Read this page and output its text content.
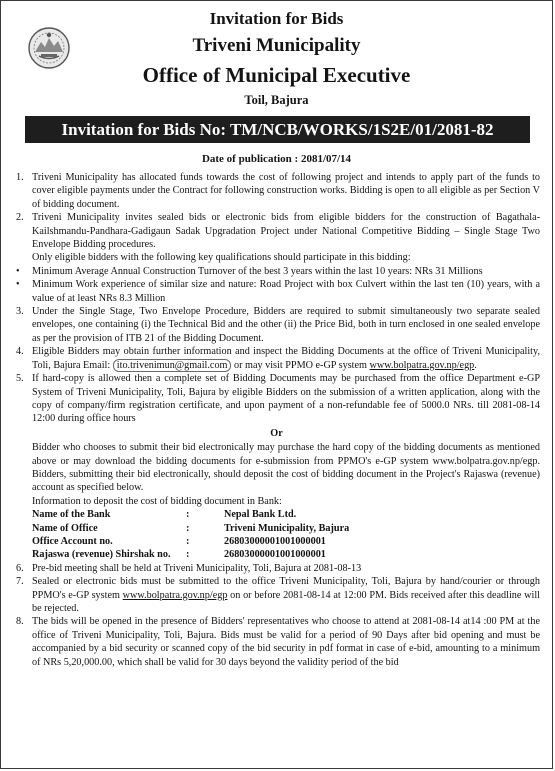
Invitation for Bids
Triveni Municipality
Office of Municipal Executive
Toil, Bajura
Invitation for Bids No: TM/NCB/WORKS/1S2E/01/2081-82
Date of publication : 2081/07/14
1. Triveni Municipality has allocated funds towards the cost of following project and intends to apply part of the funds to cover eligible payments under the Contract for following construction works. Bidding is open to all eligible as per Section V of bidding document.
2. Triveni Municipality invites sealed bids or electronic bids from eligible bidders for the construction of Bagathala-Kailshmandu-Pandhara-Gadigaun Sadak Upgradation Project under National Competitive Bidding – Single Stage Two Envelope Bidding procedures.
Only eligible bidders with the following key qualifications should participate in this bidding:
• Minimum Average Annual Construction Turnover of the best 3 years within the last 10 years: NRs 31 Millions
• Minimum Work experience of similar size and nature: Road Project with box Culvert within the last ten (10) years, with a value of at least NRs 8.3 Million
3. Under the Single Stage, Two Envelope Procedure, Bidders are required to submit simultaneously two separate sealed envelopes, one containing (i) the Technical Bid and the other (ii) the Price Bid, both in turn enclosed in one sealed envelope as per the provision of ITB 21 of the Bidding Document.
4. Eligible Bidders may obtain further information and inspect the Bidding Documents at the office of Triveni Municipality, Toli, Bajura Email: ito.trivenimun@gmail.com or may visit PPMO e-GP system www.bolpatra.gov.np/egp.
5. If hard-copy is allowed then a complete set of Bidding Documents may be purchased from the office Department e-GP System of Triveni Municipality, Toli, Bajura by eligible Bidders on the submission of a written application, along with the copy of company/firm registration certificate, and upon payment of a non-refundable fee of 5000.0 NRs. till 2081-08-14 12:00 during office hours
Or
Bidder who chooses to submit their bid electronically may purchase the hard copy of the bidding documents as mentioned above or may download the bidding documents for e-submission from PPMO's e-GP system www.bolpatra.gov.np/egp. Bidders, submitting their bid electronically, should deposit the cost of bidding document in the Project's Rajaswa (revenue) account as specified below.
Information to deposit the cost of bidding document in Bank:
Name of the Bank	:	Nepal Bank Ltd.
Name of Office	:	Triveni Municipality, Bajura
Office Account no.	:	26803000001001000001
Rajaswa (revenue) Shirshak no.	:	26803000001001000001
6. Pre-bid meeting shall be held at Triveni Municipality, Toli, Bajura at 2081-08-13
7. Sealed or electronic bids must be submitted to the office Triveni Municipality, Toli, Bajura by hand/courier or through PPMO's e-GP system www.bolpatra.gov.np/egp on or before 2081-08-14 at 12:00 PM. Bids received after this deadline will be rejected.
8. The bids will be opened in the presence of Bidders' representatives who choose to attend at 2081-08-14 at14 :00 PM at the office of Triveni Municipality, Toli, Bajura. Bids must be valid for a period of 90 Days after bid opening and must be accompanied by a bid security or scanned copy of the bid security in pdf format in case of e-bid, amounting to a minimum of NRs 5,20,000.00, which shall be valid for 30 days beyond the validity period of the bid
